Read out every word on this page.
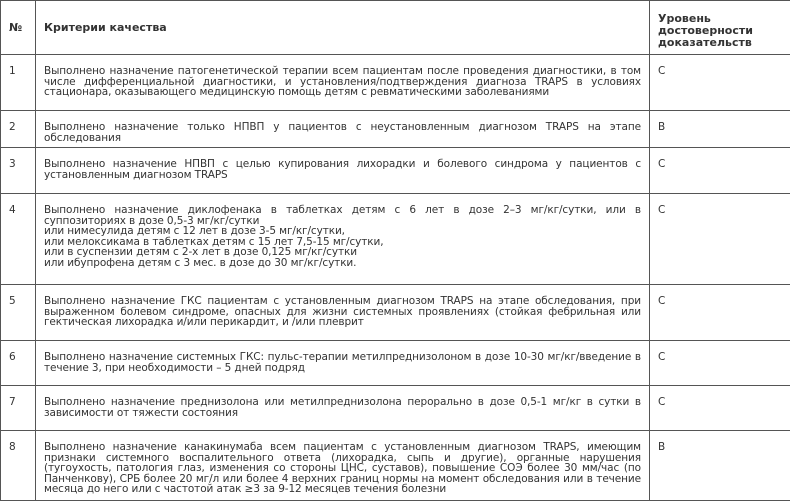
№	Критерии качества	Уровень достоверности доказательств

1	Выполнено назначение патогенетической терапии всем пациентам после проведения диагностики, в том числе дифференциальной диагностики, и установления/подтверждения диагноза TRAPS в условиях стационара, оказывающего медицинскую помощь детям с ревматическими заболеваниями	C

2	Выполнено назначение только НПВП у пациентов с неустановленным диагнозом TRAPS на этапе обследования	B

3	Выполнено назначение НПВП с целью купирования лихорадки и болевого синдрома у пациентов с установленным диагнозом TRAPS	C

4	Выполнено назначение диклофенака в таблетках детям с 6 лет в дозе 2–3 мг/кг/сутки, или в суппозиториях в дозе 0,5-3 мг/кг/сутки
или нимесулида детям с 12 лет в дозе 3-5 мг/кг/сутки,
или мелоксикама в таблетках детям с 15 лет 7,5-15 мг/сутки,
или в суспензии детям с 2-х лет в дозе 0,125 мг/кг/сутки
или ибупрофена детям с 3 мес. в дозе до 30 мг/кг/сутки.	C

5	Выполнено назначение ГКС пациентам с установленным диагнозом TRAPS на этапе обследования, при выраженном болевом синдроме, опасных для жизни системных проявлениях (стойкая фебрильная или гектическая лихорадка и/или перикардит, и /или плеврит	C

6	Выполнено назначение системных ГКС: пульс-терапии метилпреднизолоном в дозе 10-30 мг/кг/введение в течение 3, при необходимости – 5 дней подряд	C

7	Выполнено назначение преднизолона или метилпреднизолона перорально в дозе 0,5-1 мг/кг в сутки в зависимости от тяжести состояния	C

8	Выполнено назначение канакинумаба всем пациентам с установленным диагнозом TRAPS, имеющим признаки системного воспалительного ответа (лихорадка, сыпь и другие), органные нарушения (тугоухость, патология глаз, изменения со стороны ЦНС, суставов), повышение СОЭ более 30 мм/час (по Панченкову), СРБ более 20 мг/л или более 4 верхних границ нормы на момент обследования или в течение месяца до него или с частотой атак ≥3 за 9-12 месяцев течения болезни	B
